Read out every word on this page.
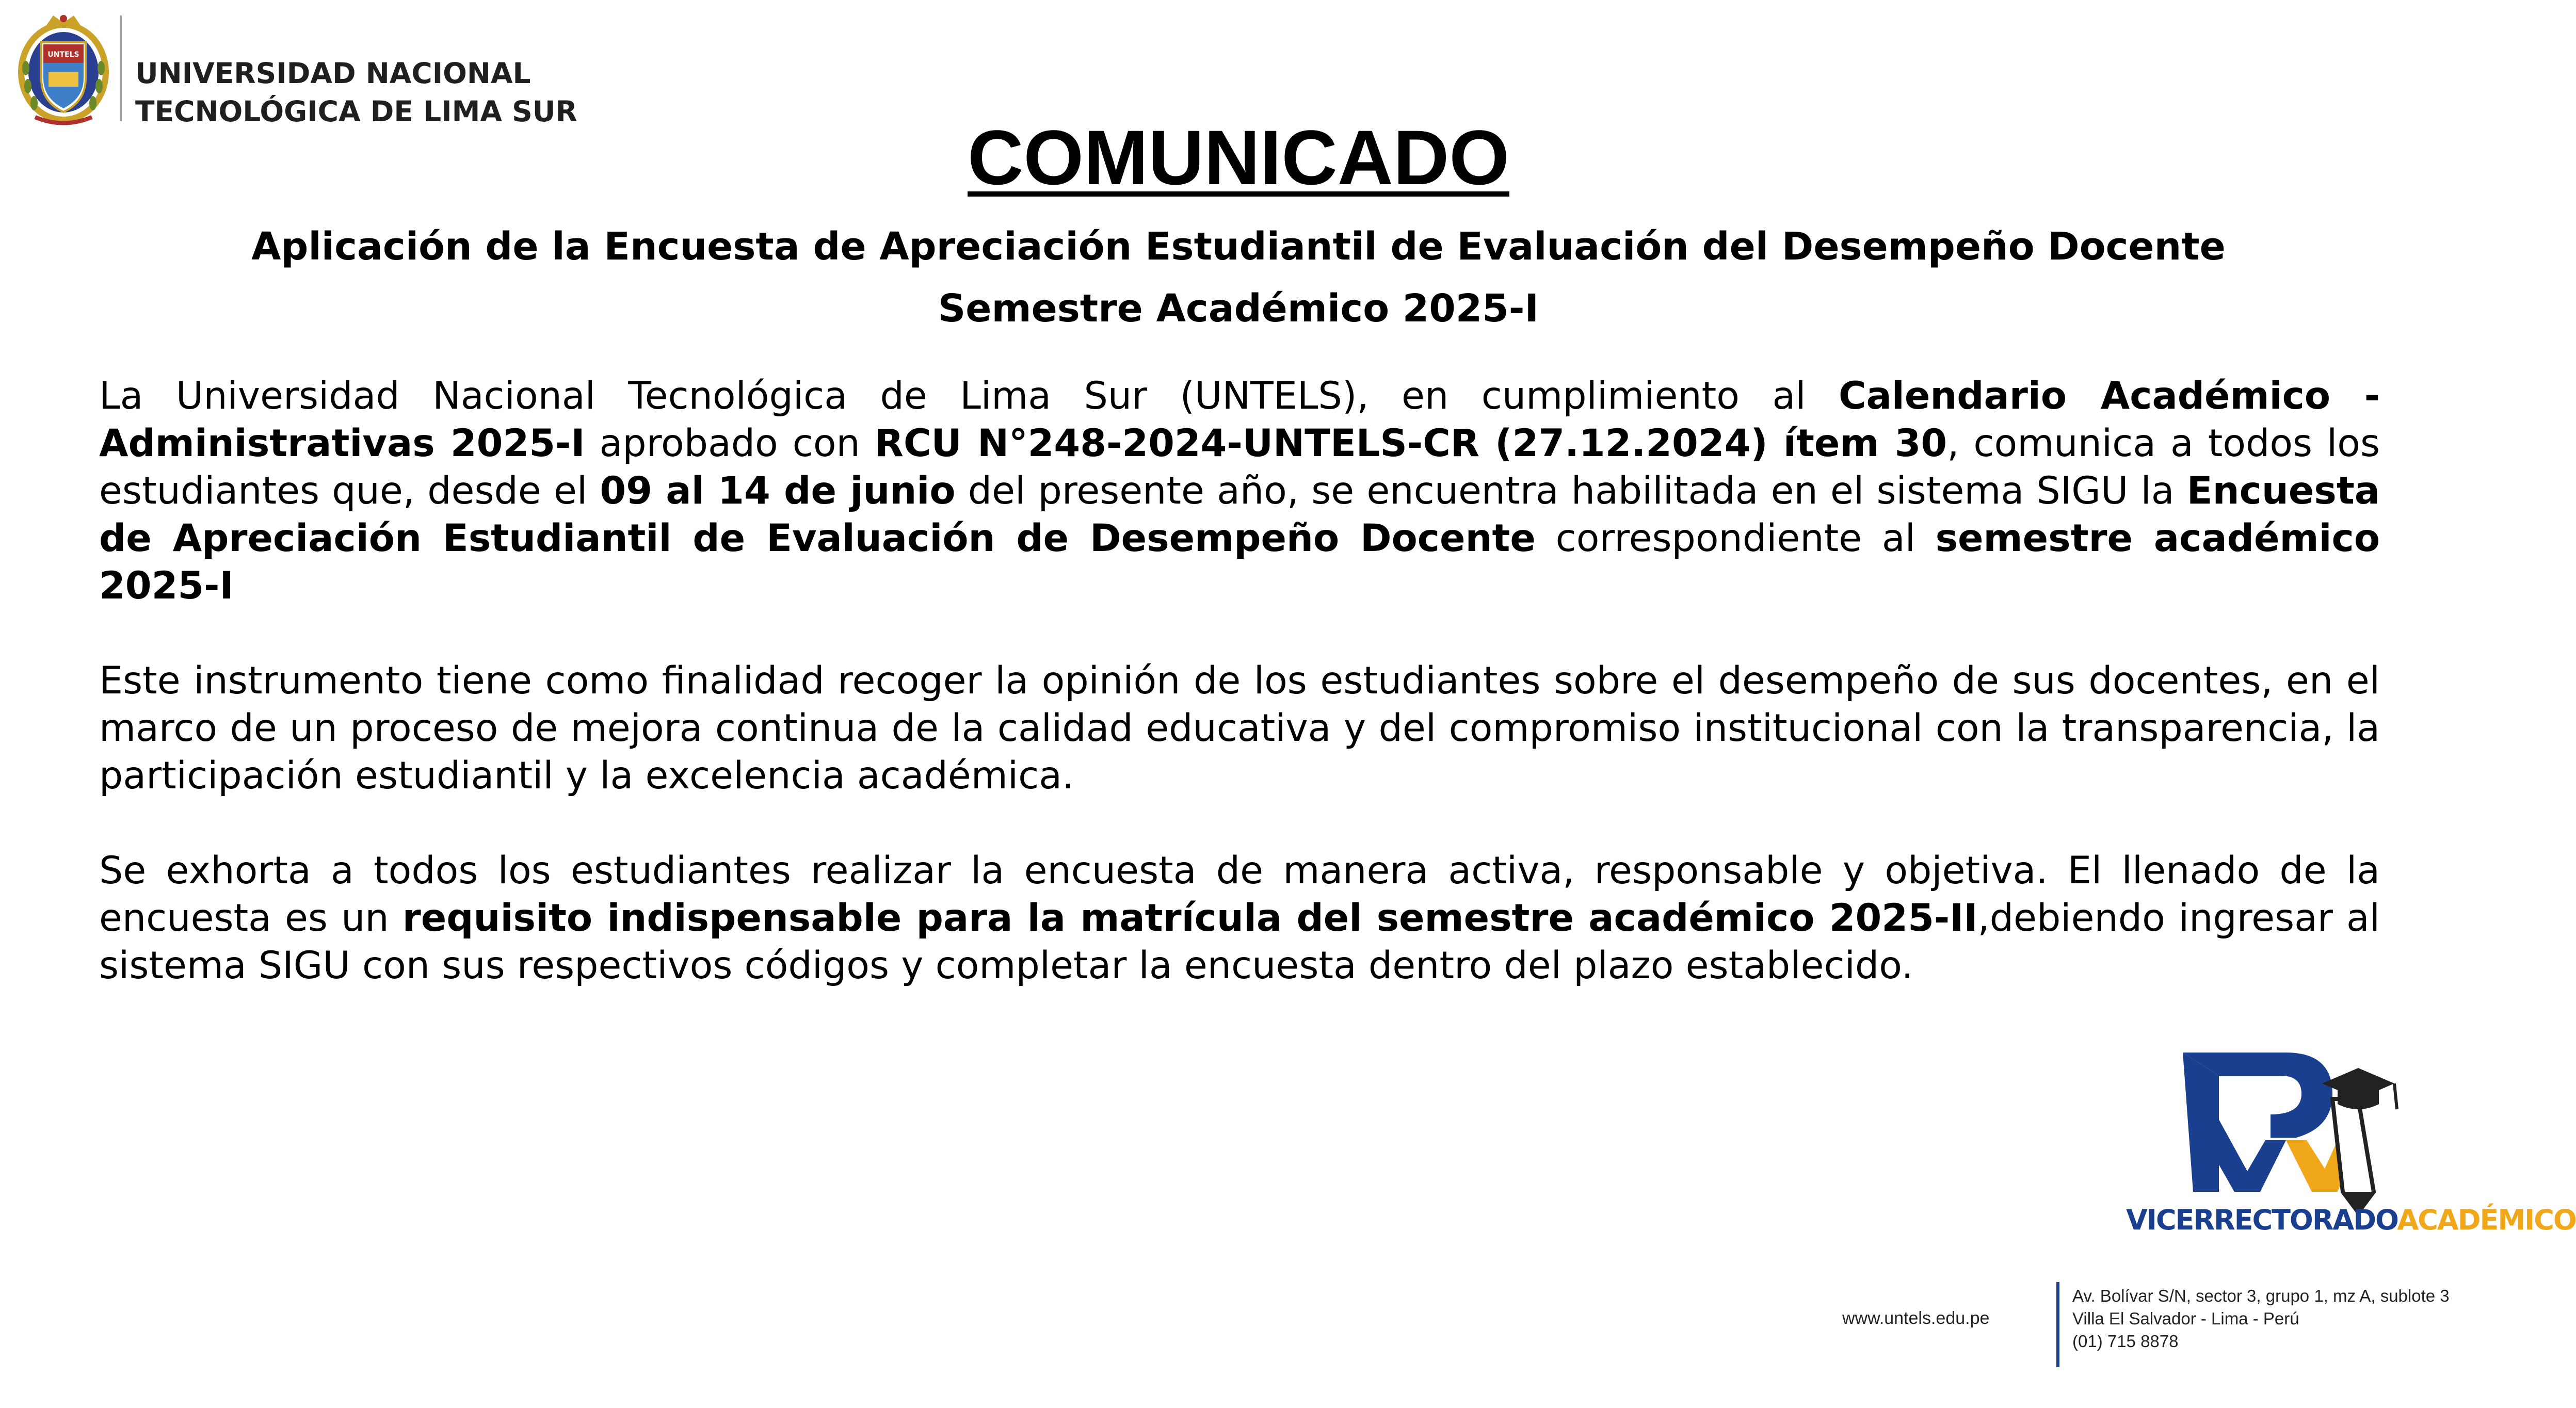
UNTELS
UNIVERSIDAD NACIONAL
TECNOLÓGICA DE LIMA SUR
COMUNICADO
Aplicación de la Encuesta de Apreciación Estudiantil de Evaluación del Desempeño Docente
Semestre Académico 2025-I

La Universidad Nacional Tecnológica de Lima Sur (UNTELS), en cumplimiento al Calendario Académico - Administrativas 2025-I aprobado con RCU N°248-2024-UNTELS-CR (27.12.2024) ítem 30, comunica a todos los estudiantes que, desde el 09 al 14 de junio del presente año, se encuentra habilitada en el sistema SIGU la Encuesta de Apreciación Estudiantil de Evaluación de Desempeño Docente correspondiente al semestre académico 2025-I

Este instrumento tiene como finalidad recoger la opinión de los estudiantes sobre el desempeño de sus docentes, en el marco de un proceso de mejora continua de la calidad educativa y del compromiso institucional con la transparencia, la participación estudiantil y la excelencia académica.

Se exhorta a todos los estudiantes realizar la encuesta de manera activa, responsable y objetiva. El llenado de la encuesta es un requisito indispensable para la matrícula del semestre académico 2025-II,debiendo ingresar al sistema SIGU con sus respectivos códigos y completar la encuesta dentro del plazo establecido.

VICERRECTORADOACADÉMICO
www.untels.edu.pe
Av. Bolívar S/N, sector 3, grupo 1, mz A, sublote 3
Villa El Salvador - Lima - Perú
(01) 715 8878
